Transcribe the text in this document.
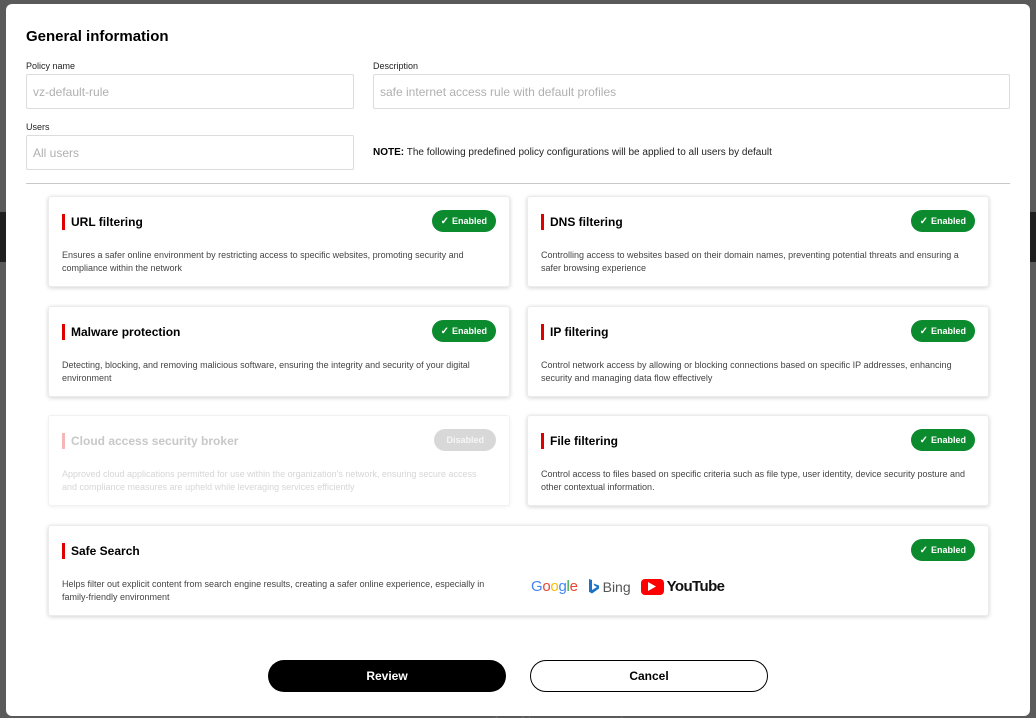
General information
Policy name
vz-default-rule
Description
safe internet access rule with default profiles
Users
All users	NOTE: The following predefined policy configurations will be applied to all users by default
URL filtering	✓ Enabled
Ensures a safer online environment by restricting access to specific websites, promoting security and compliance within the network
DNS filtering	✓ Enabled
Controlling access to websites based on their domain names, preventing potential threats and ensuring a safer browsing experience
Malware protection	✓ Enabled
Detecting, blocking, and removing malicious software, ensuring the integrity and security of your digital environment
IP filtering	✓ Enabled
Control network access by allowing or blocking connections based on specific IP addresses, enhancing security and managing data flow effectively
Cloud access security broker	Disabled
Approved cloud applications permitted for use within the organization's network, ensuring secure access and compliance measures are upheld while leveraging services efficiently
File filtering	✓ Enabled
Control access to files based on specific criteria such as file type, user identity, device security posture and other contextual information.
Safe Search	✓ Enabled
Helps filter out explicit content from search engine results, creating a safer online experience, especially in family-friendly environment
Google Bing YouTube
Review	Cancel
